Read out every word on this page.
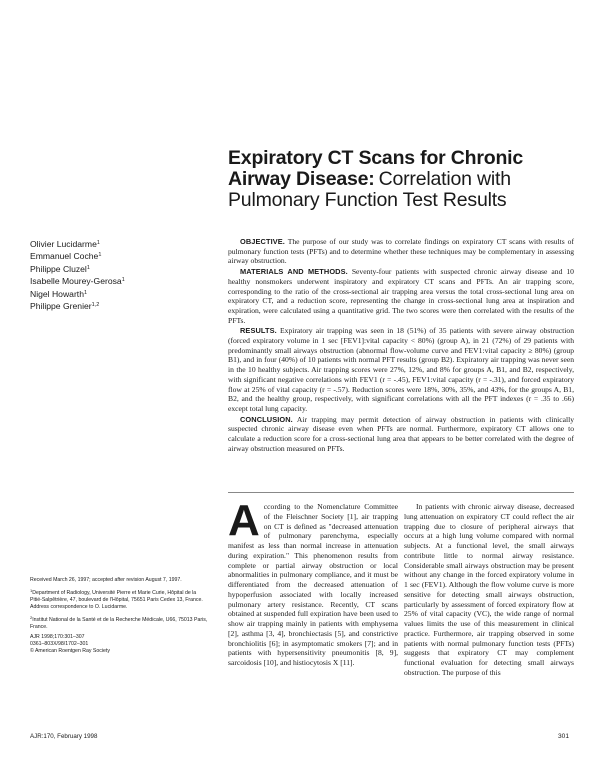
Expiratory CT Scans for Chronic Airway Disease: Correlation with Pulmonary Function Test Results
Olivier Lucidarme$^1$
Emmanuel Coche$^1$
Philippe Cluzel$^1$
Isabelle Mourey-Gerosa$^1$
Nigel Howarth$^1$
Philippe Grenier$^{1,2}$

OBJECTIVE. The purpose of our study was to correlate findings on expiratory CT scans with results of pulmonary function tests (PFTs) and to determine whether these techniques may be complementary in assessing airway obstruction.

MATERIALS AND METHODS. Seventy-four patients with suspected chronic airway disease and 10 healthy nonsmokers underwent inspiratory and expiratory CT scans and PFTs. An air trapping score, corresponding to the ratio of the cross-sectional air trapping area versus the total cross-sectional lung area on expiratory CT, and a reduction score, representing the change in cross-sectional lung area at inspiration and expiration, were calculated using a quantitative grid. The two scores were then correlated with the results of the PFTs.

RESULTS. Expiratory air trapping was seen in 18 (51%) of 35 patients with severe airway obstruction (forced expiratory volume in 1 sec [FEV1]:vital capacity < 80%) (group A), in 21 (72%) of 29 patients with predominantly small airways obstruction (abnormal flow-volume curve and FEV1:vital capacity ≥ 80%) (group B1), and in four (40%) of 10 patients with normal PFT results (group B2). Expiratory air trapping was never seen in the 10 healthy subjects. Air trapping scores were 27%, 12%, and 8% for groups A, B1, and B2, respectively, with significant negative correlations with FEV1 (r = -.45), FEV1:vital capacity (r = -.31), and forced expiratory flow at 25% of vital capacity (r = -.57). Reduction scores were 18%, 30%, 35%, and 43%, for the groups A, B1, B2, and the healthy group, respectively, with significant correlations with all the PFT indexes (r = .35 to .66) except total lung capacity.

CONCLUSION. Air trapping may permit detection of airway obstruction in patients with clinically suspected chronic airway disease even when PFTs are normal. Furthermore, expiratory CT allows one to calculate a reduction score for a cross-sectional lung area that appears to be better correlated with the degree of airway obstruction measured on PFTs.

According to the Nomenclature Committee of the Fleischner Society [1], air trapping on CT is defined as "decreased attenuation of pulmonary parenchyma, especially manifest as less than normal increase in attenuation during expiration." This phenomenon results from complete or partial airway obstruction or local abnormalities in pulmonary compliance, and it must be differentiated from the decreased attenuation of hypoperfusion associated with locally increased pulmonary artery resistance. Recently, CT scans obtained at suspended full expiration have been used to show air trapping mainly in patients with emphysema [2], asthma [3, 4], bronchiectasis [5], and constrictive bronchiolitis [6]; in asymptomatic smokers [7]; and in patients with hypersensitivity pneumonitis [8, 9], sarcoidosis [10], and histiocytosis X [11].

In patients with chronic airway disease, decreased lung attenuation on expiratory CT could reflect the air trapping due to closure of peripheral airways that occurs at a high lung volume compared with normal subjects. At a functional level, the small airways contribute little to normal airway resistance. Considerable small airways obstruction may be present without any change in the forced expiratory volume in 1 sec (FEV1). Although the flow volume curve is more sensitive for detecting small airways obstruction, particularly by assessment of forced expiratory flow at 25% of vital capacity (VC), the wide range of normal values limits the use of this measurement in clinical practice. Furthermore, air trapping observed in some patients with normal pulmonary function tests (PFTs) suggests that expiratory CT may complement functional evaluation for detecting small airways obstruction. The purpose of this

Received March 26, 1997; accepted after revision August 7, 1997.

$^1$Department of Radiology, Université Pierre et Marie Curie, Hôpital de la Pitié-Salpêtrière, 47, boulevard de l'Hôpital, 75651 Paris Cedex 13, France. Address correspondence to O. Lucidarme.

$^2$Institut National de la Santé et de la Recherche Médicale, U66, 75013 Paris, France.

AJR 1998;170:301–307

0361–803X/98/1702–301

© American Roentgen Ray Society

AJR:170, February 1998	301
